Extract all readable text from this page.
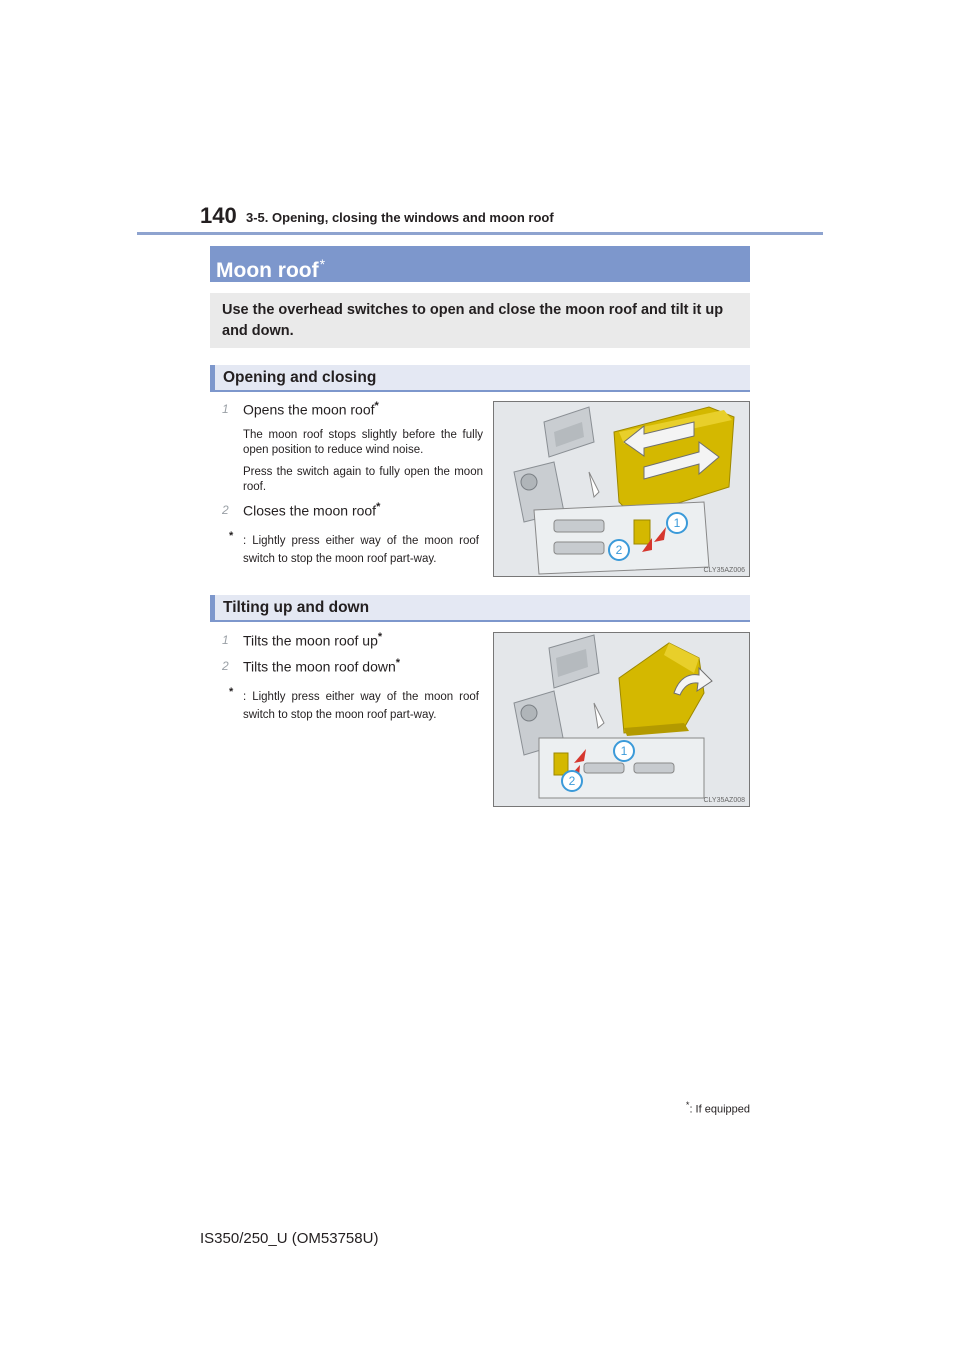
140 3-5. Opening, closing the windows and moon roof
Moon roof*
Use the overhead switches to open and close the moon roof and tilt it up and down.
Opening and closing
1 Opens the moon roof*
The moon roof stops slightly before the fully open position to reduce wind noise.
Press the switch again to fully open the moon roof.
2 Closes the moon roof*
* : Lightly press either way of the moon roof switch to stop the moon roof part-way.
1
2
CLY35AZ006
Tilting up and down
1 Tilts the moon roof up*
2 Tilts the moon roof down*
* : Lightly press either way of the moon roof switch to stop the moon roof part-way.
1
2
CLY35AZ008
*: If equipped
IS350/250_U (OM53758U)
